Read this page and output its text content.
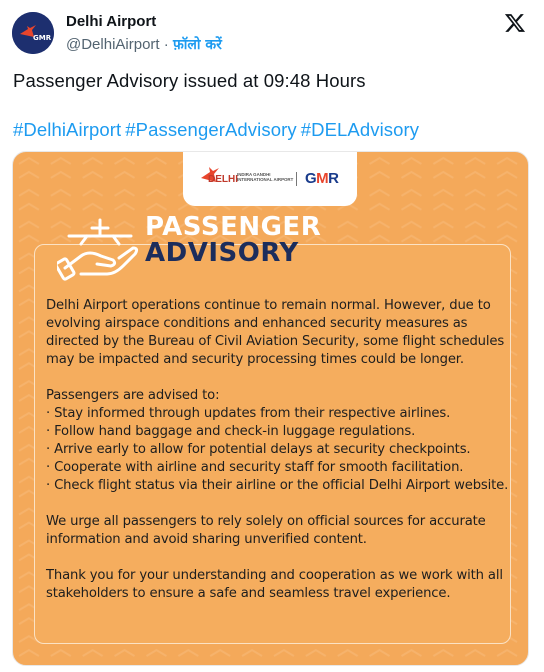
GMR
Delhi Airport
@DelhiAirport · फ़ॉलो करें
Passenger Advisory issued at 09:48 Hours
#DelhiAirport #PassengerAdvisory #DELAdvisory
DELHI INDIRA GANDHI INTERNATIONAL AIRPORT GMR
PASSENGER
ADVISORY

Delhi Airport operations continue to remain normal. However, due to evolving airspace conditions and enhanced security measures as directed by the Bureau of Civil Aviation Security, some flight schedules may be impacted and security processing times could be longer.

Passengers are advised to:
· Stay informed through updates from their respective airlines.
· Follow hand baggage and check-in luggage regulations.
· Arrive early to allow for potential delays at security checkpoints.
· Cooperate with airline and security staff for smooth facilitation.
· Check flight status via their airline or the official Delhi Airport website.

We urge all passengers to rely solely on official sources for accurate information and avoid sharing unverified content.

Thank you for your understanding and cooperation as we work with all stakeholders to ensure a safe and seamless travel experience.
